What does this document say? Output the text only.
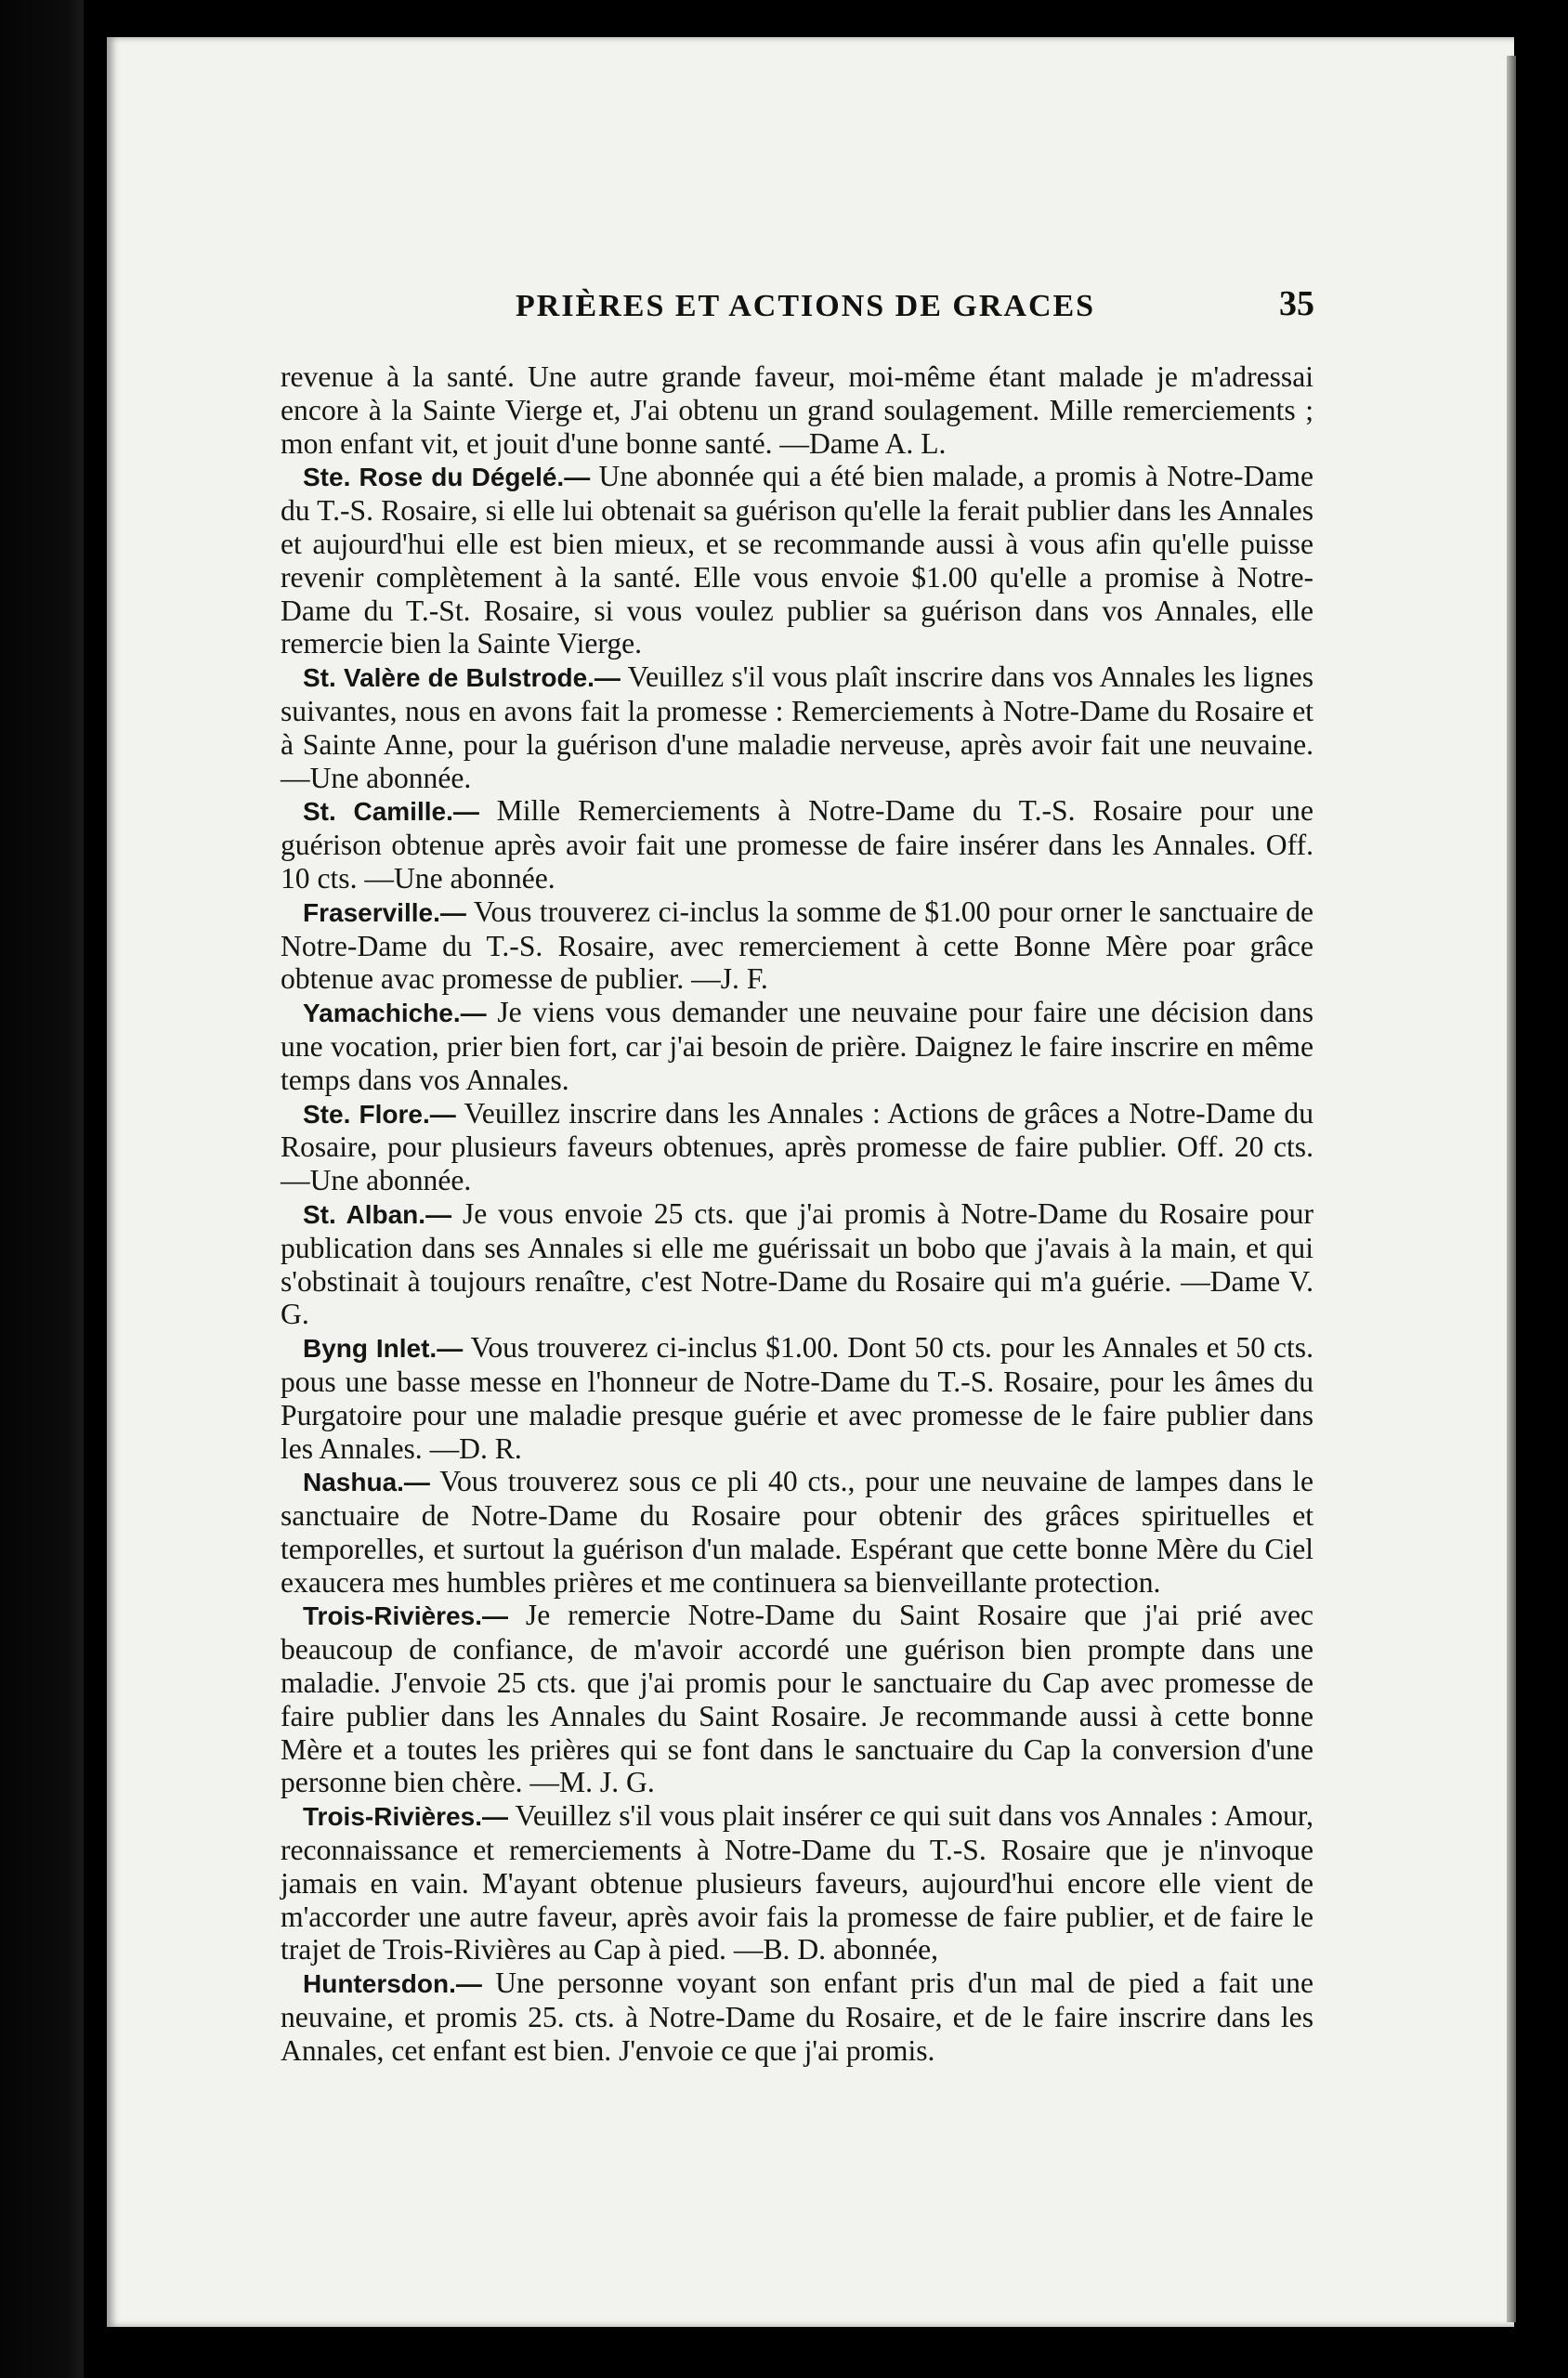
PRIÈRES ET ACTIONS DE GRACES	35

revenue à la santé. Une autre grande faveur, moi-même étant malade je m'adressai encore à la Sainte Vierge et, J'ai obtenu un grand soulagement. Mille remerciements ; mon enfant vit, et jouit d'une bonne santé. —Dame A. L.

Ste. Rose du Dégelé.— Une abonnée qui a été bien malade, a promis à Notre-Dame du T.-S. Rosaire, si elle lui obtenait sa guérison qu'elle la ferait publier dans les Annales et aujourd'hui elle est bien mieux, et se recommande aussi à vous afin qu'elle puisse revenir complètement à la santé. Elle vous envoie $1.00 qu'elle a promise à Notre-Dame du T.-St. Rosaire, si vous voulez publier sa guérison dans vos Annales, elle remercie bien la Sainte Vierge.

St. Valère de Bulstrode.— Veuillez s'il vous plaît inscrire dans vos Annales les lignes suivantes, nous en avons fait la promesse : Remerciements à Notre-Dame du Rosaire et à Sainte Anne, pour la guérison d'une maladie nerveuse, après avoir fait une neuvaine.—Une abonnée.

St. Camille.— Mille Remerciements à Notre-Dame du T.-S. Rosaire pour une guérison obtenue après avoir fait une promesse de faire insérer dans les Annales. Off. 10 cts. —Une abonnée.

Fraserville.— Vous trouverez ci-inclus la somme de $1.00 pour orner le sanctuaire de Notre-Dame du T.-S. Rosaire, avec remerciement à cette Bonne Mère poar grâce obtenue avac promesse de publier. —J. F.

Yamachiche.— Je viens vous demander une neuvaine pour faire une décision dans une vocation, prier bien fort, car j'ai besoin de prière. Daignez le faire inscrire en même temps dans vos Annales.

Ste. Flore.— Veuillez inscrire dans les Annales : Actions de grâces a Notre-Dame du Rosaire, pour plusieurs faveurs obtenues, après promesse de faire publier. Off. 20 cts. —Une abonnée.

St. Alban.— Je vous envoie 25 cts. que j'ai promis à Notre-Dame du Rosaire pour publication dans ses Annales si elle me guérissait un bobo que j'avais à la main, et qui s'obstinait à toujours renaître, c'est Notre-Dame du Rosaire qui m'a guérie. —Dame V. G.

Byng Inlet.— Vous trouverez ci-inclus $1.00. Dont 50 cts. pour les Annales et 50 cts. pous une basse messe en l'honneur de Notre-Dame du T.-S. Rosaire, pour les âmes du Purgatoire pour une maladie presque guérie et avec promesse de le faire publier dans les Annales. —D. R.

Nashua.— Vous trouverez sous ce pli 40 cts., pour une neuvaine de lampes dans le sanctuaire de Notre-Dame du Rosaire pour obtenir des grâces spirituelles et temporelles, et surtout la guérison d'un malade. Espérant que cette bonne Mère du Ciel exaucera mes humbles prières et me continuera sa bienveillante protection.

Trois-Rivières.— Je remercie Notre-Dame du Saint Rosaire que j'ai prié avec beaucoup de confiance, de m'avoir accordé une guérison bien prompte dans une maladie. J'envoie 25 cts. que j'ai promis pour le sanctuaire du Cap avec promesse de faire publier dans les Annales du Saint Rosaire. Je recommande aussi à cette bonne Mère et a toutes les prières qui se font dans le sanctuaire du Cap la conversion d'une personne bien chère. —M. J. G.

Trois-Rivières.— Veuillez s'il vous plait insérer ce qui suit dans vos Annales : Amour, reconnaissance et remerciements à Notre-Dame du T.-S. Rosaire que je n'invoque jamais en vain. M'ayant obtenue plusieurs faveurs, aujourd'hui encore elle vient de m'accorder une autre faveur, après avoir fais la promesse de faire publier, et de faire le trajet de Trois-Rivières au Cap à pied. —B. D. abonnée,

Huntersdon.— Une personne voyant son enfant pris d'un mal de pied a fait une neuvaine, et promis 25. cts. à Notre-Dame du Rosaire, et de le faire inscrire dans les Annales, cet enfant est bien. J'envoie ce que j'ai promis.
